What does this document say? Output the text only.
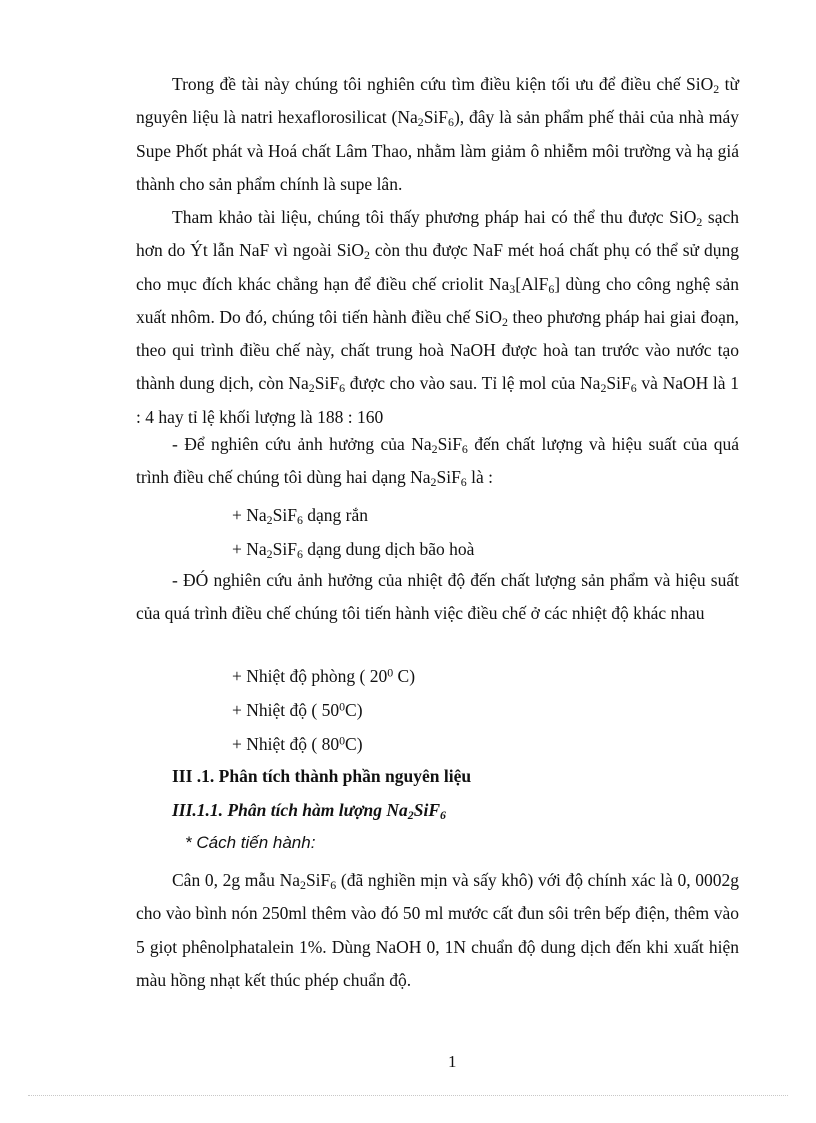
Trong đề tài này chúng tôi nghiên cứu tìm điều kiện tối ưu để điều chế SiO$_2$ từ nguyên liệu là natri hexaflorosilicat $(Na_2SiF_6)$, đây là sản phẩm phế thải của nhà máy Supe Phốt phát và Hoá chất Lâm Thao, nhằm làm giảm ô nhiễm môi trường và hạ giá thành cho sản phẩm chính là supe lân.

Tham khảo tài liệu, chúng tôi thấy phương pháp hai có thể thu được SiO$_2$ sạch hơn do Ýt lẫn NaF vì ngoài SiO$_2$ còn thu được NaF mét hoá chất phụ có thể sử dụng cho mục đích khác chẳng hạn để điều chế criolit $Na_3[AlF_6]$ dùng cho công nghệ sản xuất nhôm. Do đó, chúng tôi tiến hành điều chế SiO$_2$ theo phương pháp hai giai đoạn, theo qui trình điều chế này, chất trung hoà NaOH được hoà tan trước vào nước tạo thành dung dịch, còn $Na_2SiF_6$ được cho vào sau. Tỉ lệ mol của $Na_2SiF_6$ và NaOH là 1 : 4 hay tỉ lệ khối lượng là 188 : 160

- Để nghiên cứu ảnh hưởng của $Na_2SiF_6$ đến chất lượng và hiệu suất của quá trình điều chế chúng tôi dùng hai dạng $Na_2SiF_6$ là :

+ $Na_2SiF_6$ dạng rắn
+ $Na_2SiF_6$ dạng dung dịch bão hoà

- ĐÓ nghiên cứu ảnh hưởng của nhiệt độ đến chất lượng sản phẩm và hiệu suất của quá trình điều chế chúng tôi tiến hành việc điều chế ở các nhiệt độ khác nhau

+ Nhiệt độ phòng ( $20^0$ C)
+ Nhiệt độ ( $50^0C$)
+ Nhiệt độ ( $80^0C$)
III .1. Phân tích thành phần nguyên liệu
III.1.1. Phân tích hàm lượng $Na_2SiF_6$
* Cách tiến hành:

Cân 0, 2g mẫu $Na_2SiF_6$ (đã nghiền mịn và sấy khô) với độ chính xác là 0, 0002g cho vào bình nón 250ml thêm vào đó 50 ml mước cất đun sôi trên bếp điện, thêm vào 5 giọt phênolphatalein 1%. Dùng NaOH 0, 1N chuẩn độ dung dịch đến khi xuất hiện màu hồng nhạt kết thúc phép chuẩn độ.

1
